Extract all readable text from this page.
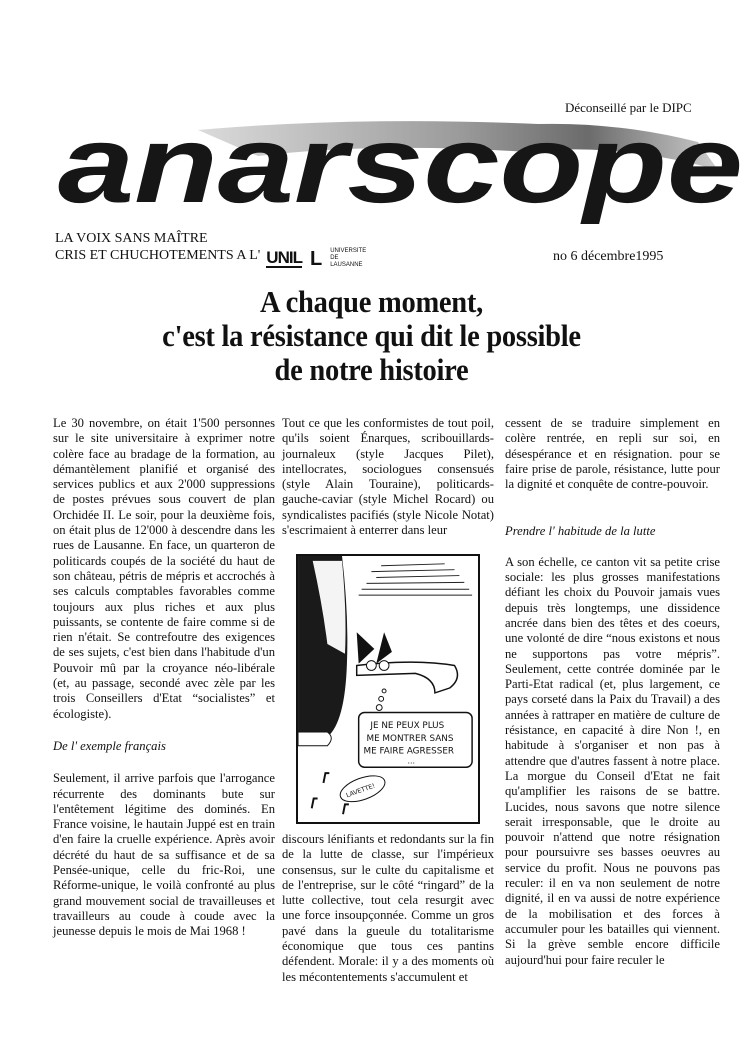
Déconseillé par le DIPC
anarscope
LA VOIX SANS MAÎTRE
CRIS ET CHUCHOTEMENTS A L' UNIL L UNIVERSITE
DE
LAUSANNE
no 6 décembre1995
A chaque moment,
c'est la résistance qui dit le possible
de notre histoire

Le 30 novembre, on était 1'500 personnes sur le site universitaire à exprimer notre colère face au bradage de la formation, au démantèlement planifié et organisé des services publics et aux 2'000 suppressions de postes prévues sous couvert de plan Orchidée II. Le soir, pour la deuxième fois, on était plus de 12'000 à descendre dans les rues de Lausanne. En face, un quarteron de politicards coupés de la société du haut de son château, pétris de mépris et accrochés à ses calculs comptables favorables comme toujours aux plus riches et aux plus puissants, se contente de faire comme si de rien n'était. Se contrefoutre des exigences de ses sujets, c'est bien dans l'habitude d'un Pouvoir mû par la croyance néo-libérale (et, au passage, secondé avec zèle par les trois Conseillers d'Etat “socialistes” et écologiste).

De l' exemple français

Seulement, il arrive parfois que l'arrogance récurrente des dominants bute sur l'entêtement légitime des dominés. En France voisine, le hautain Juppé est en train d'en faire la cruelle expérience. Après avoir décrété du haut de sa suffisance et de sa Pensée-unique, celle du fric-Roi, une Réforme-unique, le voilà confronté au plus grand mouvement social de travailleuses et travailleurs au coude à coude avec la jeunesse depuis le mois de Mai 1968 !

Tout ce que les conformistes de tout poil, qu'ils soient Énarques, scribouillards-journaleux (style Jacques Pilet), intellocrates, sociologues consensués (style Alain Touraine), politicards-gauche-caviar (style Michel Rocard) ou syndicalistes pacifiés (style Nicole Notat) s'escrimaient à enterrer dans leur

JE NE PEUX PLUS
ME MONTRER SANS
ME FAIRE AGRESSER
...
LAVETTE!

discours lénifiants et redondants sur la fin de la lutte de classe, sur l'impérieux consensus, sur le culte du capitalisme et de l'entreprise, sur le côté “ringard” de la lutte collective, tout cela resurgit avec une force insoupçonnée. Comme un gros pavé dans la gueule du totalitarisme économique que tous ces pantins défendent. Morale: il y a des moments où les mécontentements s'accumulent et

cessent de se traduire simplement en colère rentrée, en repli sur soi, en désespérance et en résignation. pour se faire prise de parole, résistance, lutte pour la dignité et conquête de contre-pouvoir.

Prendre l' habitude de la lutte

A son échelle, ce canton vit sa petite crise sociale: les plus grosses manifestations défiant les choix du Pouvoir jamais vues depuis très longtemps, une dissidence ancrée dans bien des têtes et des coeurs, une volonté de dire “nous existons et nous ne supportons pas votre mépris”. Seulement, cette contrée dominée par le Parti-Etat radical (et, plus largement, ce pays corseté dans la Paix du Travail) a des années à rattraper en matière de culture de résistance, en capacité à dire Non !, en habitude à s'organiser et non pas à attendre que d'autres fassent à notre place. La morgue du Conseil d'Etat ne fait qu'amplifier les raisons de se battre. Lucides, nous savons que notre silence serait irresponsable, que le droite au pouvoir n'attend que notre résignation pour poursuivre ses basses oeuvres au service du profit. Nous ne pouvons pas reculer: il en va non seulement de notre dignité, il en va aussi de notre expérience de la mobilisation et des forces à accumuler pour les batailles qui viennent. Si la grève semble encore difficile aujourd'hui pour faire reculer le
